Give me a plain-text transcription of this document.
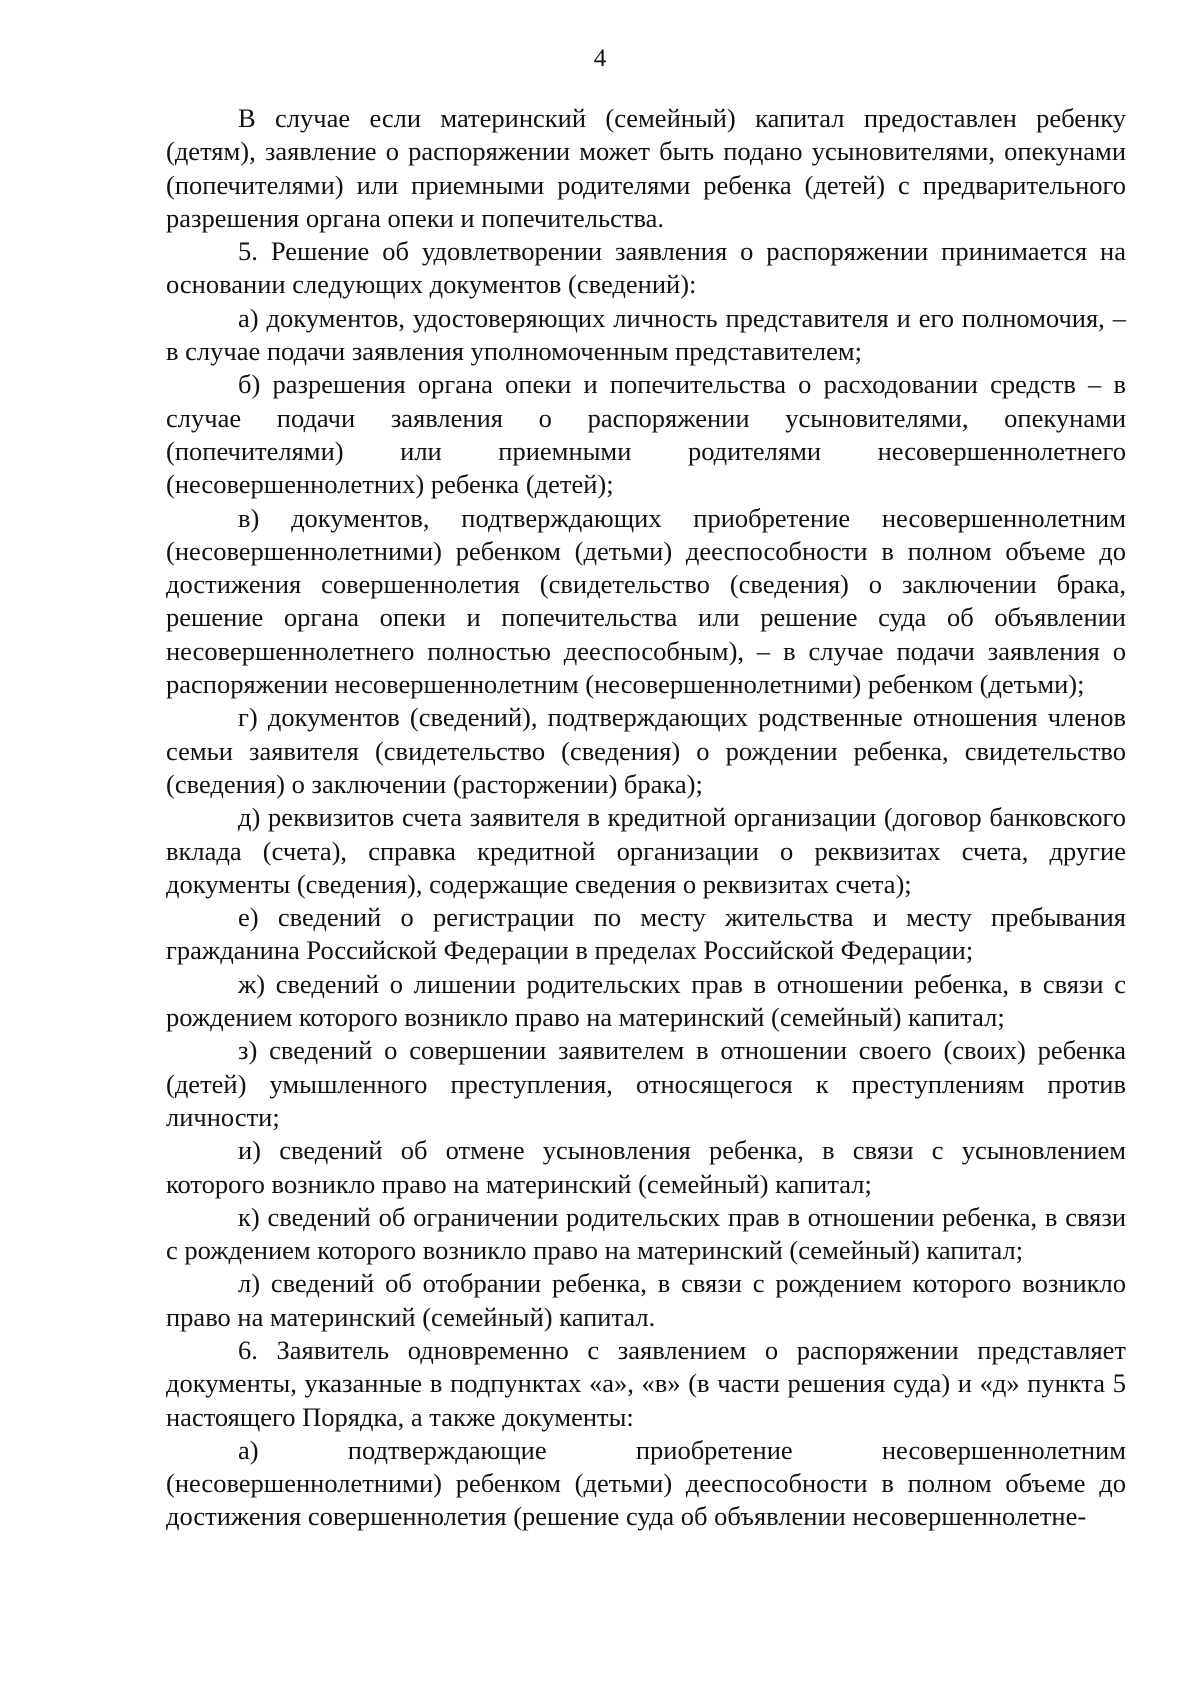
4

В случае если материнский (семейный) капитал предоставлен ребенку (детям), заявление о распоряжении может быть подано усыновителями, опекунами (попечителями) или приемными родителями ребенка (детей) с предварительного разрешения органа опеки и попечительства.

5. Решение об удовлетворении заявления о распоряжении принимается на основании следующих документов (сведений):

а) документов, удостоверяющих личность представителя и его полномочия, – в случае подачи заявления уполномоченным представителем;

б) разрешения органа опеки и попечительства о расходовании средств – в случае подачи заявления о распоряжении усыновителями, опекунами (попечителями) или приемными родителями несовершеннолетнего (несовершеннолетних) ребенка (детей);

в) документов, подтверждающих приобретение несовершеннолетним (несовершеннолетними) ребенком (детьми) дееспособности в полном объеме до достижения совершеннолетия (свидетельство (сведения) о заключении брака, решение органа опеки и попечительства или решение суда об объявлении несовершеннолетнего полностью дееспособным), – в случае подачи заявления о распоряжении несовершеннолетним (несовершеннолетними) ребенком (детьми);

г) документов (сведений), подтверждающих родственные отношения членов семьи заявителя (свидетельство (сведения) о рождении ребенка, свидетельство (сведения) о заключении (расторжении) брака);

д) реквизитов счета заявителя в кредитной организации (договор банковского вклада (счета), справка кредитной организации о реквизитах счета, другие документы (сведения), содержащие сведения о реквизитах счета);

е) сведений о регистрации по месту жительства и месту пребывания гражданина Российской Федерации в пределах Российской Федерации;

ж) сведений о лишении родительских прав в отношении ребенка, в связи с рождением которого возникло право на материнский (семейный) капитал;

з) сведений о совершении заявителем в отношении своего (своих) ребенка (детей) умышленного преступления, относящегося к преступлениям против личности;

и) сведений об отмене усыновления ребенка, в связи с усыновлением которого возникло право на материнский (семейный) капитал;

к) сведений об ограничении родительских прав в отношении ребенка, в связи с рождением которого возникло право на материнский (семейный) капитал;

л) сведений об отобрании ребенка, в связи с рождением которого возникло право на материнский (семейный) капитал.

6. Заявитель одновременно с заявлением о распоряжении представляет документы, указанные в подпунктах «а», «в» (в части решения суда) и «д» пункта 5 настоящего Порядка, а также документы:

а) подтверждающие приобретение несовершеннолетним (несовершеннолетними) ребенком (детьми) дееспособности в полном объеме до достижения совершеннолетия (решение суда об объявлении несовершеннолетне-
